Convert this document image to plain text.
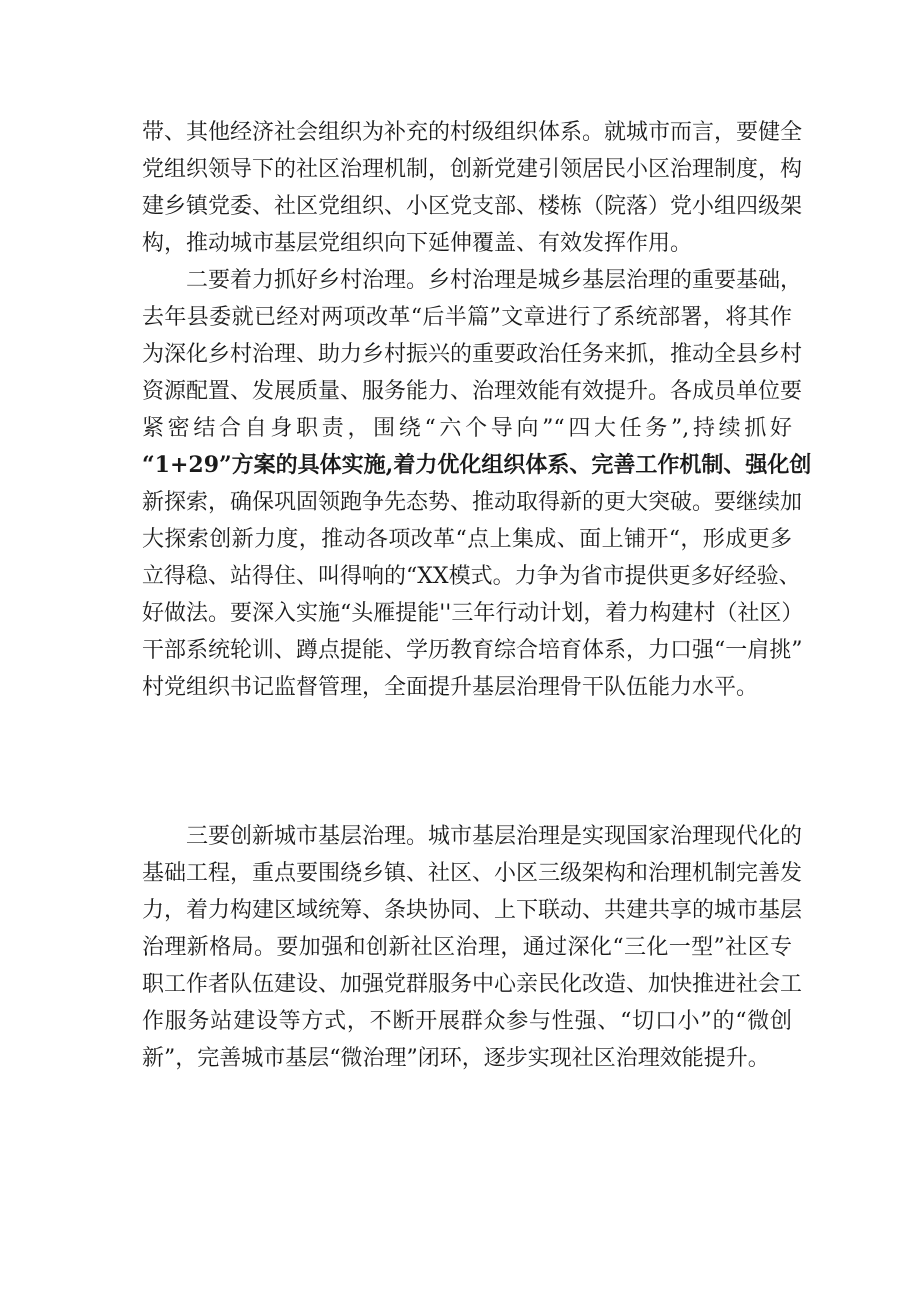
带、其他经济社会组织为补充的村级组织体系。就城市而言，要健全
党组织领导下的社区治理机制，创新党建引领居民小区治理制度，构
建乡镇党委、社区党组织、小区党支部、楼栋（院落）党小组四级架
构，推动城市基层党组织向下延伸覆盖、有效发挥作用。
二要着力抓好乡村治理。乡村治理是城乡基层治理的重要基础，
去年县委就已经对两项改革“后半篇”文章进行了系统部署，将其作
为深化乡村治理、助力乡村振兴的重要政治任务来抓，推动全县乡村
资源配置、发展质量、服务能力、治理效能有效提升。各成员单位要
紧密结合自身职责，围绕“六个导向”“四大任务”,持续抓好
“1+29”方案的具体实施,着力优化组织体系、完善工作机制、强化创
新探索，确保巩固领跑争先态势、推动取得新的更大突破。要继续加
大探索创新力度，推动各项改革“点上集成、面上铺开“，形成更多
立得稳、站得住、叫得响的“XX模式。力争为省市提供更多好经验、
好做法。要深入实施“头雁提能''三年行动计划，着力构建村（社区）
干部系统轮训、蹲点提能、学历教育综合培育体系，力口强“一肩挑”
村党组织书记监督管理，全面提升基层治理骨干队伍能力水平。
三要创新城市基层治理。城市基层治理是实现国家治理现代化的
基础工程，重点要围绕乡镇、社区、小区三级架构和治理机制完善发
力，着力构建区域统筹、条块协同、上下联动、共建共享的城市基层
治理新格局。要加强和创新社区治理，通过深化“三化一型”社区专
职工作者队伍建设、加强党群服务中心亲民化改造、加快推进社会工
作服务站建设等方式，不断开展群众参与性强、“切口小”的“微创
新”，完善城市基层“微治理”闭环，逐步实现社区治理效能提升。
